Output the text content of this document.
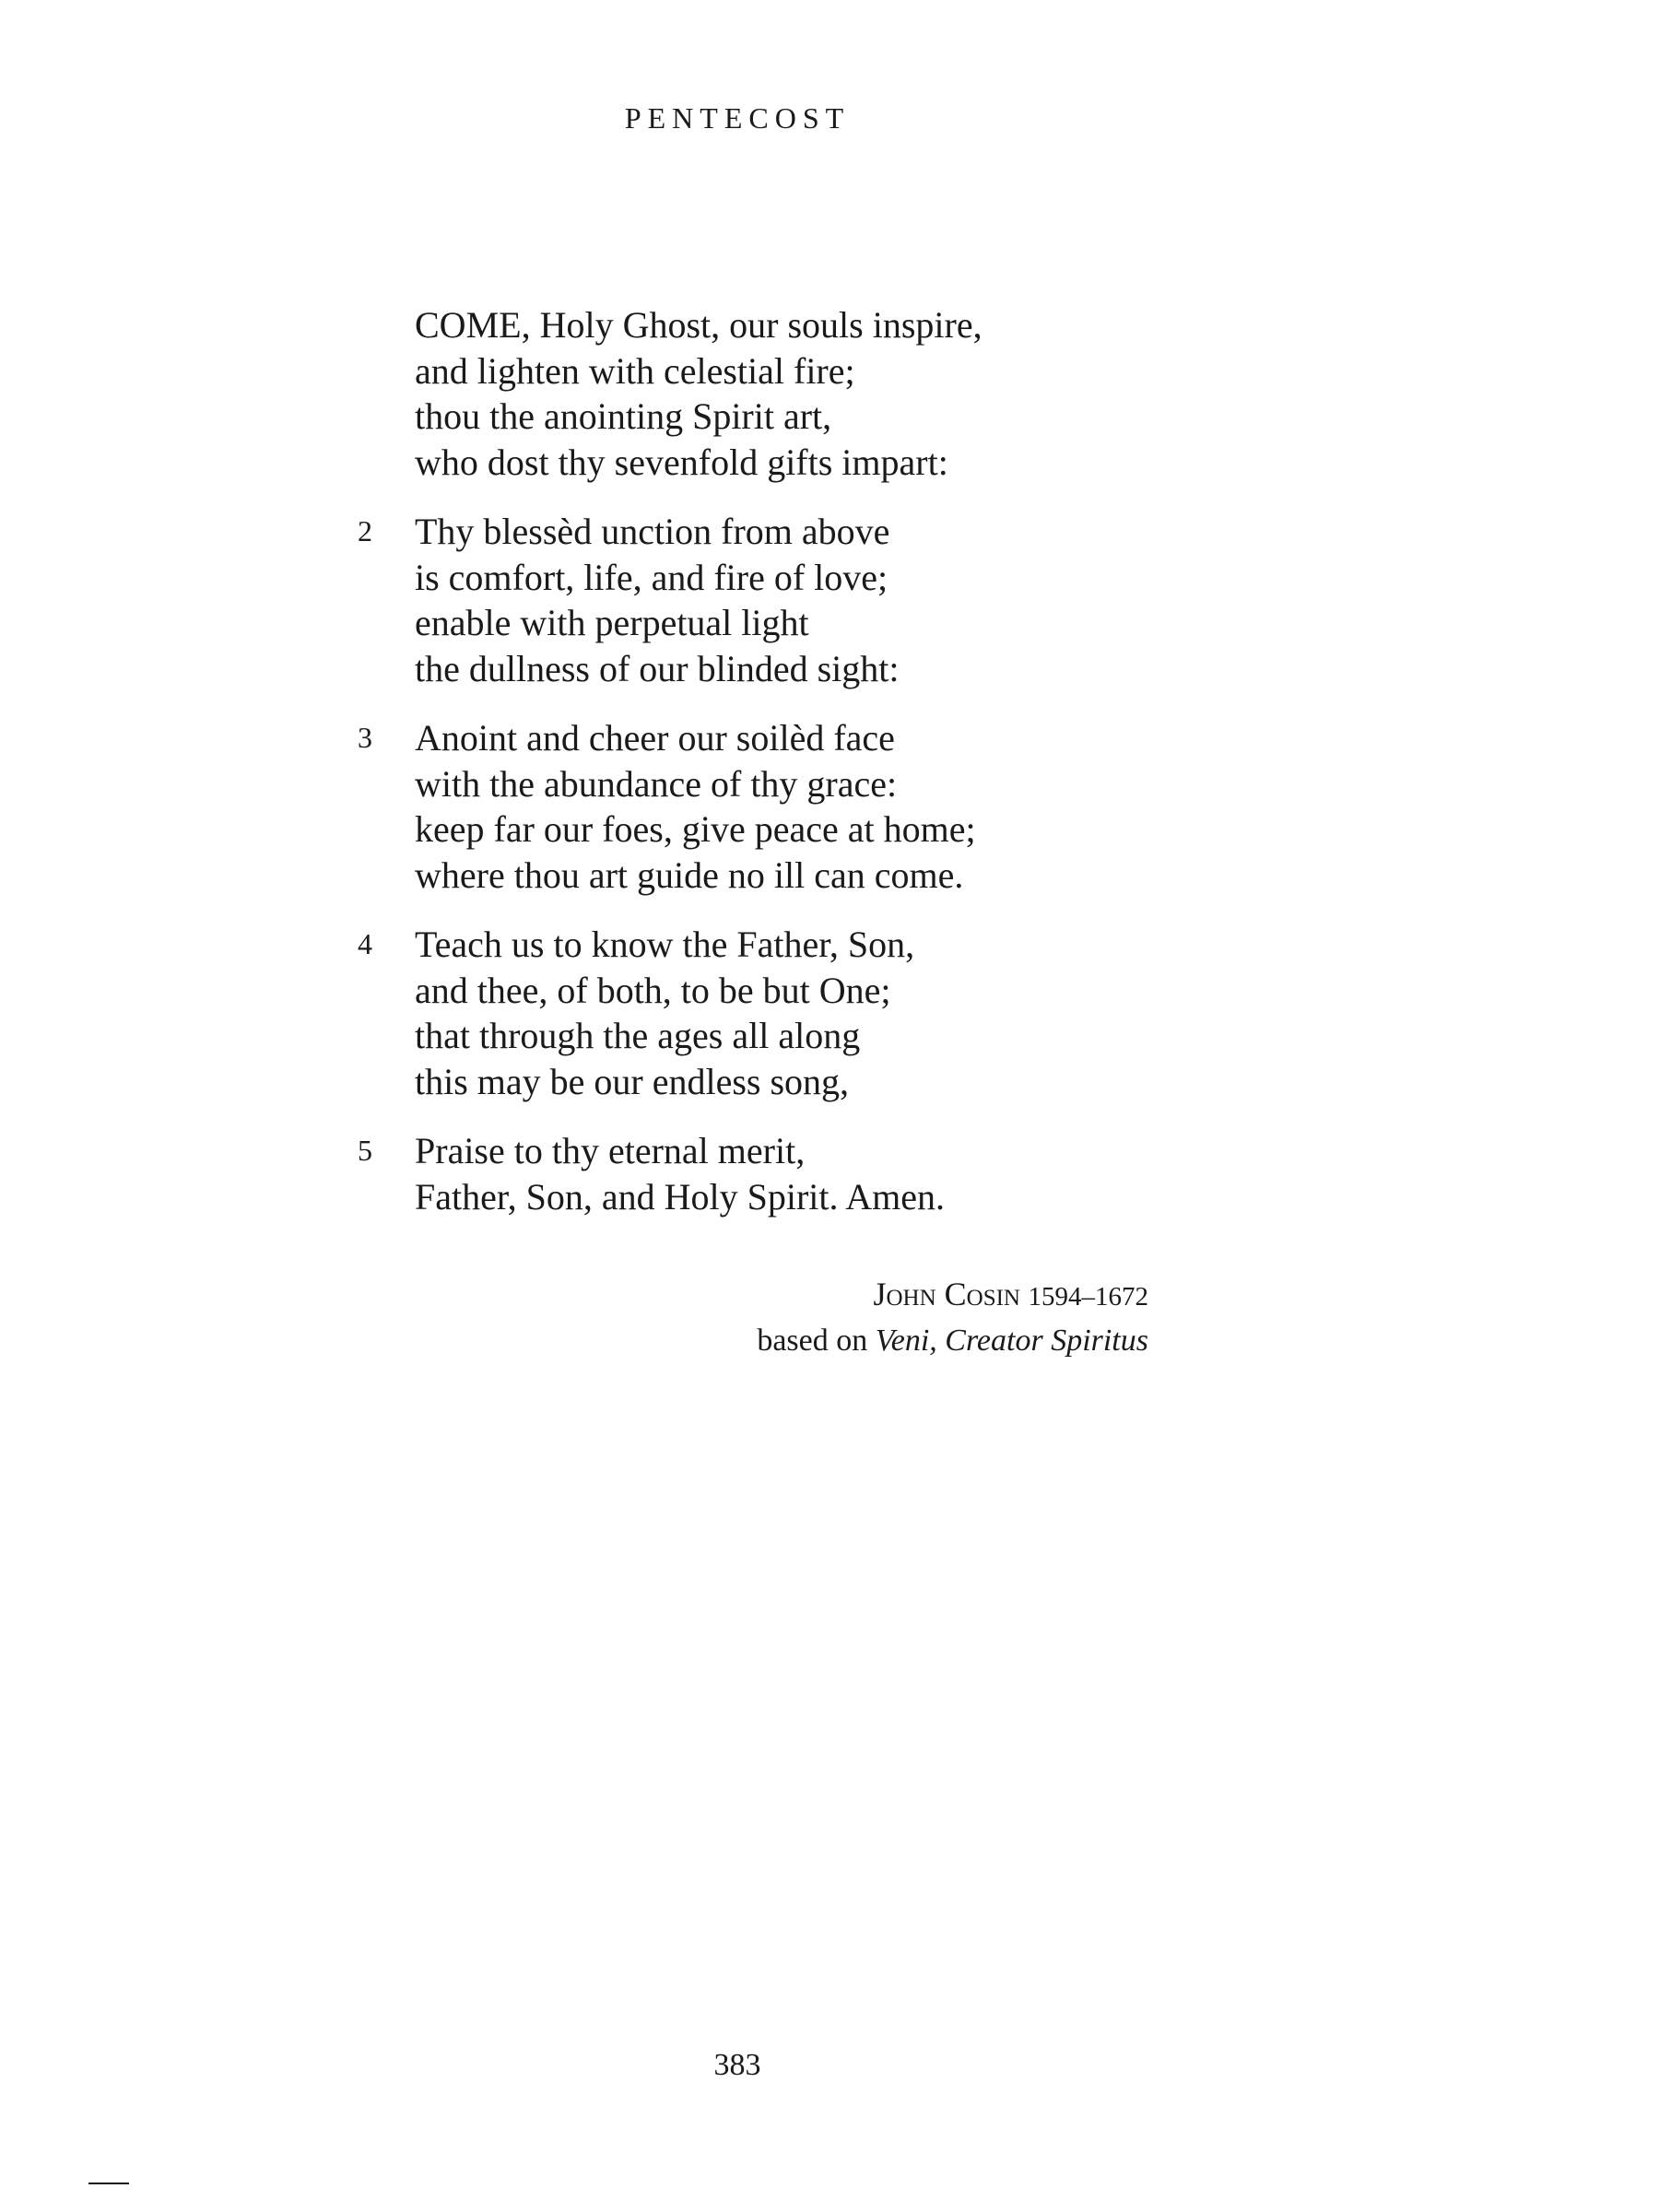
PENTECOST
COME, Holy Ghost, our souls inspire,
and lighten with celestial fire;
thou the anointing Spirit art,
who dost thy sevenfold gifts impart:
2 Thy blessèd unction from above
is comfort, life, and fire of love;
enable with perpetual light
the dullness of our blinded sight:
3 Anoint and cheer our soilèd face
with the abundance of thy grace:
keep far our foes, give peace at home;
where thou art guide no ill can come.
4 Teach us to know the Father, Son,
and thee, of both, to be but One;
that through the ages all along
this may be our endless song,
5 Praise to thy eternal merit,
Father, Son, and Holy Spirit. Amen.
John Cosin 1594–1672
based on Veni, Creator Spiritus
383
